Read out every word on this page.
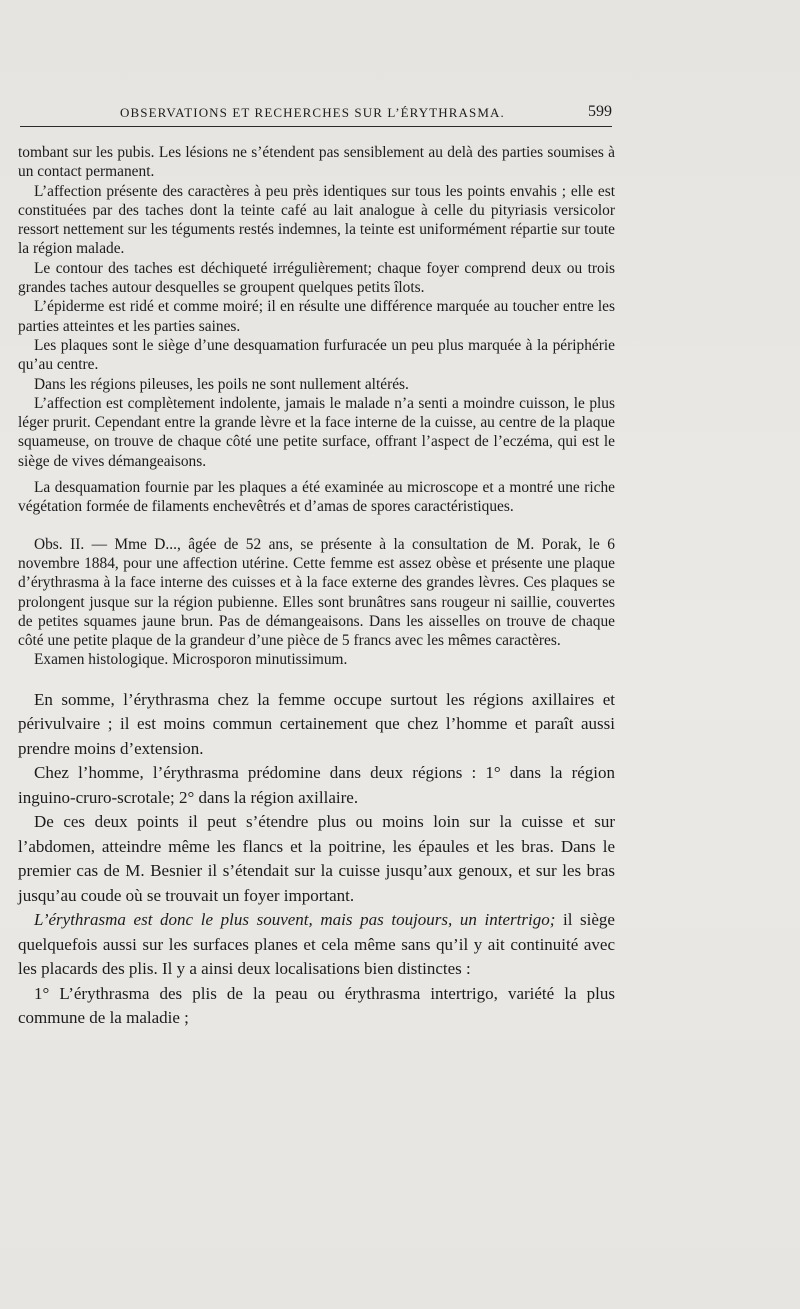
OBSERVATIONS ET RECHERCHES SUR L’ÉRYTHRASMA.	599

tombant sur les pubis. Les lésions ne s’étendent pas sensiblement au delà des parties soumises à un contact permanent.

L’affection présente des caractères à peu près identiques sur tous les points envahis ; elle est constituées par des taches dont la teinte café au lait analogue à celle du pityriasis versicolor ressort nettement sur les téguments restés indemnes, la teinte est uniformément répartie sur toute la région malade.

Le contour des taches est déchiqueté irrégulièrement; chaque foyer comprend deux ou trois grandes taches autour desquelles se groupent quelques petits îlots.

L’épiderme est ridé et comme moiré; il en résulte une différence marquée au toucher entre les parties atteintes et les parties saines.

Les plaques sont le siège d’une desquamation furfuracée un peu plus marquée à la périphérie qu’au centre.

Dans les régions pileuses, les poils ne sont nullement altérés.

L’affection est complètement indolente, jamais le malade n’a senti a moindre cuisson, le plus léger prurit. Cependant entre la grande lèvre et la face interne de la cuisse, au centre de la plaque squameuse, on trouve de chaque côté une petite surface, offrant l’aspect de l’eczéma, qui est le siège de vives démangeaisons.

La desquamation fournie par les plaques a été examinée au microscope et a montré une riche végétation formée de filaments enchevêtrés et d’amas de spores caractéristiques.

Obs. II. — Mme D..., âgée de 52 ans, se présente à la consultation de M. Porak, le 6 novembre 1884, pour une affection utérine. Cette femme est assez obèse et présente une plaque d’érythrasma à la face interne des cuisses et à la face externe des grandes lèvres. Ces plaques se prolongent jusque sur la région pubienne. Elles sont brunâtres sans rougeur ni saillie, couvertes de petites squames jaune brun. Pas de démangeaisons. Dans les aisselles on trouve de chaque côté une petite plaque de la grandeur d’une pièce de 5 francs avec les mêmes caractères.

Examen histologique. Microsporon minutissimum.

En somme, l’érythrasma chez la femme occupe surtout les régions axillaires et périvulvaire ; il est moins commun certainement que chez l’homme et paraît aussi prendre moins d’extension.

Chez l’homme, l’érythrasma prédomine dans deux régions : 1° dans la région inguino-cruro-scrotale; 2° dans la région axillaire.

De ces deux points il peut s’étendre plus ou moins loin sur la cuisse et sur l’abdomen, atteindre même les flancs et la poitrine, les épaules et les bras. Dans le premier cas de M. Besnier il s’étendait sur la cuisse jusqu’aux genoux, et sur les bras jusqu’au coude où se trouvait un foyer important.

L’érythrasma est donc le plus souvent, mais pas toujours, un intertrigo; il siège quelquefois aussi sur les surfaces planes et cela même sans qu’il y ait continuité avec les placards des plis. Il y a ainsi deux localisations bien distinctes :

1° L’érythrasma des plis de la peau ou érythrasma intertrigo, variété la plus commune de la maladie ;
